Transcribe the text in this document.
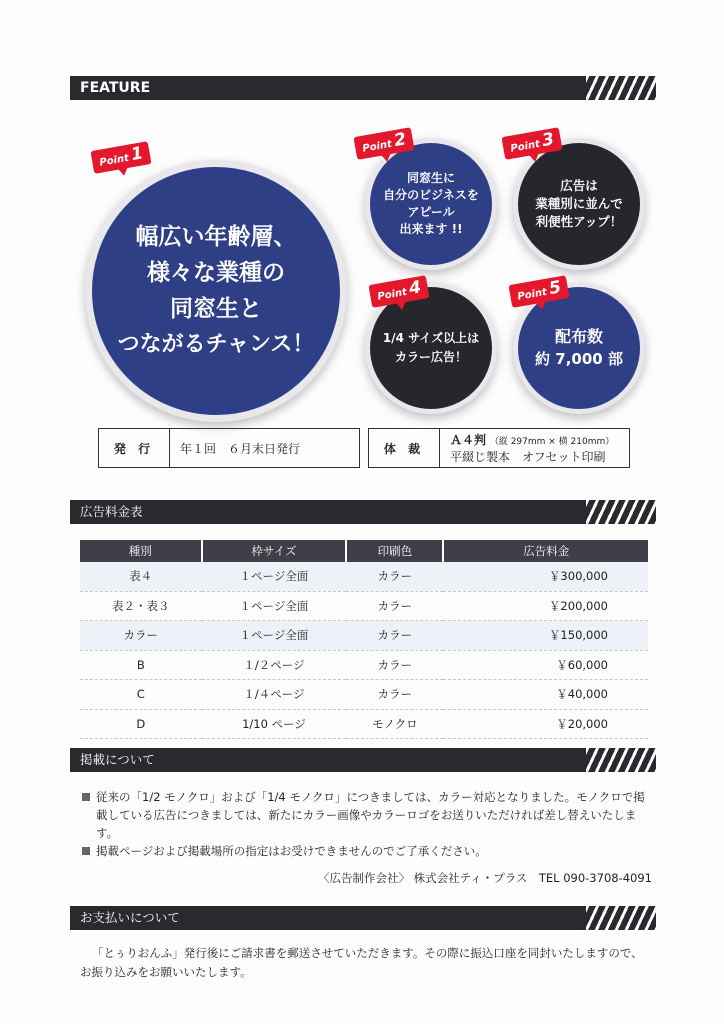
FEATURE
幅広い年齢層、
様々な業種の
同窓生と
つながるチャンス！
Point1
同窓生に
自分のビジネスを
アピール
出来ます !!
Point2
広告は
業種別に並んで
利便性アップ！
Point3
1/4 サイズ以上は
カラー広告！
Point4
配布数
約 7,000 部
Point5
発 行	年１回　６月末日発行	体 裁
Ａ４判 （縦 297mm × 横 210mm）
平綴じ製本　オフセット印刷
広告料金表
種別	枠サイズ	印刷色	広告料金
表４	１ページ全面	カラー	￥300,000
表２・表３	１ページ全面	カラー	￥200,000
カラー	１ページ全面	カラー	￥150,000
B	１/２ページ	カラー	￥60,000
C	１/４ページ	カラー	￥40,000
D	1/10 ページ	モノクロ	￥20,000
掲載について
従来の「1/2 モノクロ」および「1/4 モノクロ」につきましては、カラー対応となりました。モノクロで掲載している広告につきましては、新たにカラー画像やカラーロゴをお送りいただければ差し替えいたします。
掲載ページおよび掲載場所の指定はお受けできませんのでご了承ください。
〈広告制作会社〉 株式会社ティ・プラス　TEL 090-3708-4091
お支払いについて
「とぅりおんふ」発行後にご請求書を郵送させていただきます。その際に振込口座を同封いたしますので、お振り込みをお願いいたします。
